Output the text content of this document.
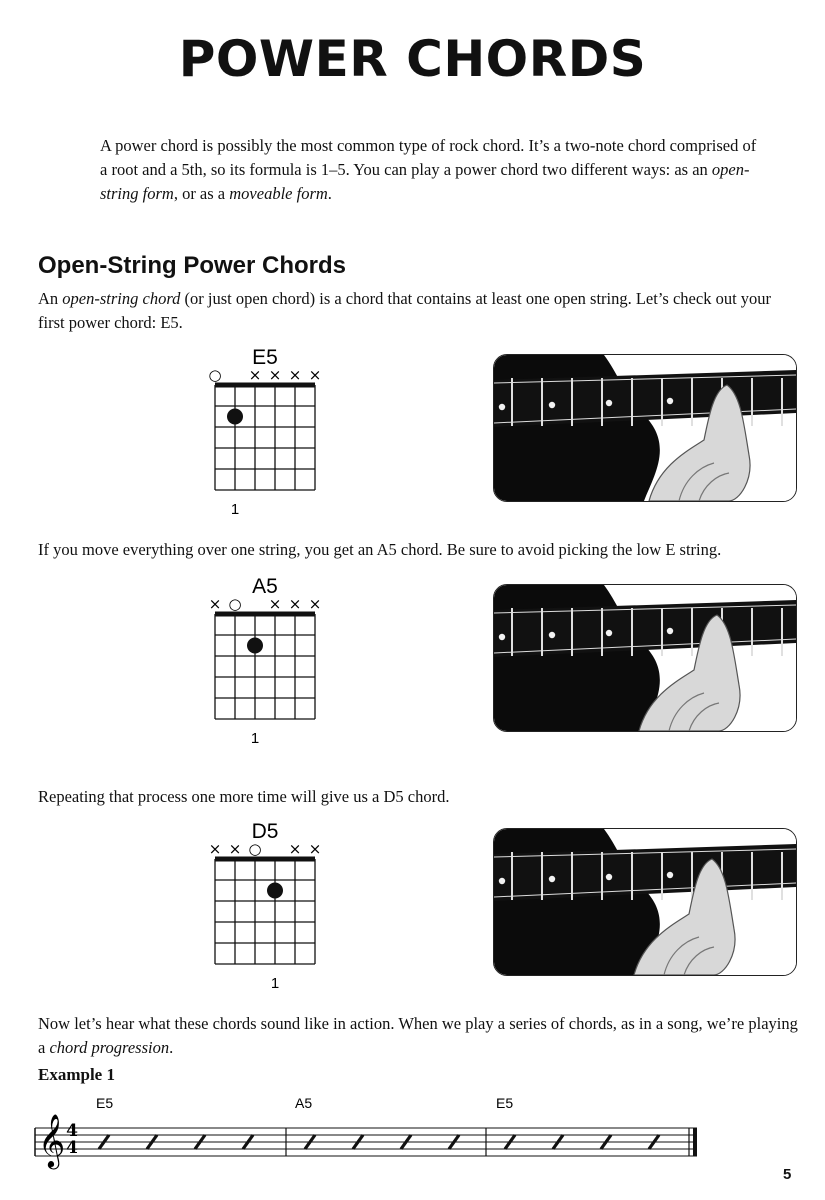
POWER CHORDS

A power chord is possibly the most common type of rock chord. It’s a two-note chord comprised of a root and a 5th, so its formula is 1–5. You can play a power chord two different ways: as an open-string form, or as a moveable form.

Open-String Power Chords

An open-string chord (or just open chord) is a chord that contains at least one open string. Let’s check out your first power chord: E5.

E5
○ × × × ×
1

If you move everything over one string, you get an A5 chord. Be sure to avoid picking the low E string.

A5
× ○ × × ×
1

Repeating that process one more time will give us a D5 chord.

D5
× × ○ × ×
1

Now let’s hear what these chords sound like in action. When we play a series of chords, as in a song, we’re playing a chord progression.

Example 1
E5	A5	E5
𝄞 4
4
5
